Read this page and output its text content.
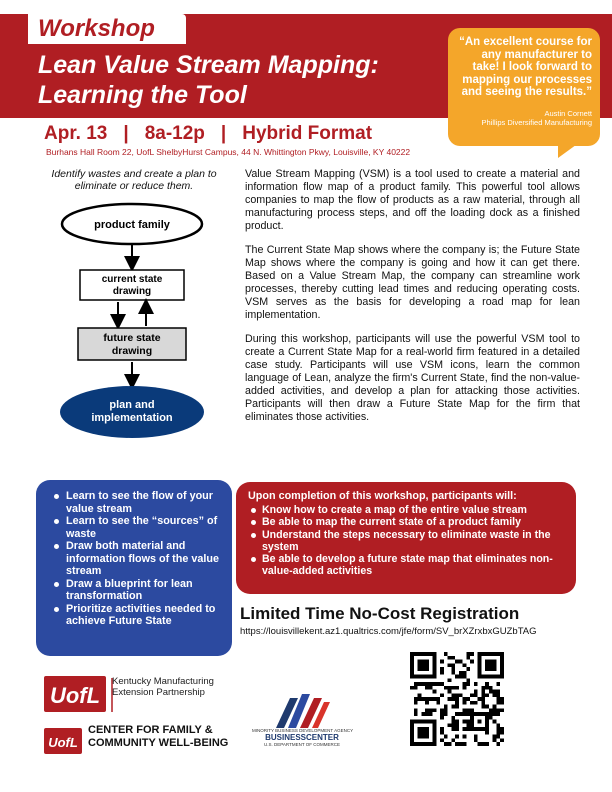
Workshop
Lean Value Stream Mapping:
Learning the Tool
“An excellent course for any manufacturer to take! I look forward to mapping our processes and seeing the results.”
Austin Cornett
Phillips Diversified Manufacturing
Apr. 13 | 8a-12p | Hybrid Format
Burhans Hall Room 22, UofL ShelbyHurst Campus, 44 N. Whittington Pkwy, Louisville, KY 40222
Identify wastes and create a plan to eliminate or reduce them.
product family
current state
drawing
future state
drawing
plan and
implementation

Value Stream Mapping (VSM) is a tool used to create a material and information flow map of a product family. This powerful tool allows companies to map the flow of products as a raw material, through all manufacturing process steps, and off the loading dock as a finished product.

The Current State Map shows where the company is; the Future State Map shows where the company is going and how it can get there. Based on a Value Stream Map, the company can streamline work processes, thereby cutting lead times and reducing operating costs. VSM serves as the basis for developing a road map for lean implementation.

During this workshop, participants will use the powerful VSM tool to create a Current State Map for a real-world firm featured in a detailed case study. Participants will use VSM icons, learn the common language of Lean, analyze the firm's Current State, find the non-value-added activities, and develop a plan for attacking those activities. Participants will then draw a Future State Map for the firm that eliminates those activities.

Learn to see the flow of your value stream
Learn to see the “sources” of waste
Draw both material and information flows of the value stream
Draw a blueprint for lean transformation
Prioritize activities needed to achieve Future State
Upon completion of this workshop, participants will:
Know how to create a map of the entire value stream
Be able to map the current state of a product family
Understand the steps necessary to eliminate waste in the system
Be able to develop a future state map that eliminates non-value-added activities
Limited Time No-Cost Registration
https://louisvillekent.az1.qualtrics.com/jfe/form/SV_brXZrxbxGUZbTAG
UofL
Kentucky Manufacturing
Extension Partnership
UofL
CENTER FOR FAMILY &
COMMUNITY WELL-BEING
MINORITY BUSINESS DEVELOPMENT AGENCY
BUSINESSCENTER
U.S. DEPARTMENT OF COMMERCE
